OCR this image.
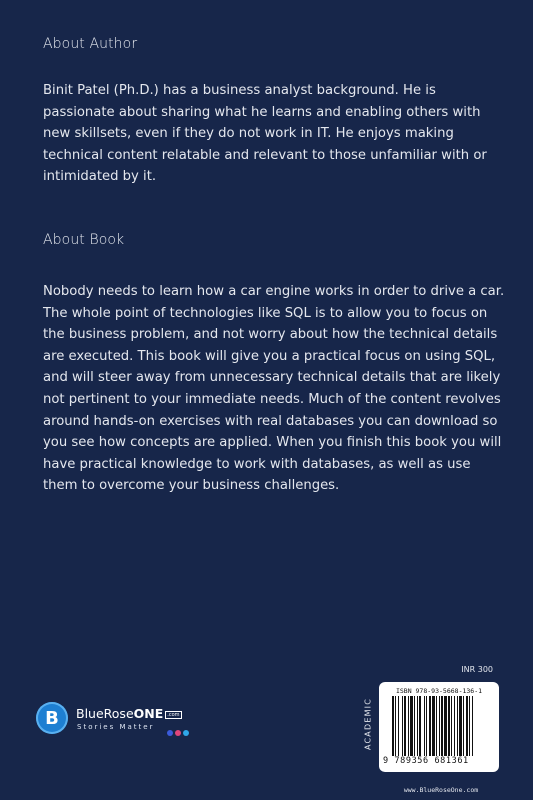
About Author
Binit Patel (Ph.D.) has a business analyst background. He is passionate about sharing what he learns and enabling others with new skillsets, even if they do not work in IT. He enjoys making technical content relatable and relevant to those unfamiliar with or intimidated by it.
About Book
Nobody needs to learn how a car engine works in order to drive a car. The whole point of technologies like SQL is to allow you to focus on the business problem, and not worry about how the technical details are executed. This book will give you a practical focus on using SQL, and will steer away from unnecessary technical details that are likely not pertinent to your immediate needs. Much of the content revolves around hands-on exercises with real databases you can download so you see how concepts are applied. When you finish this book you will have practical knowledge to work with databases, as well as use them to overcome your business challenges.
B	BlueRoseONE .com
Stories Matter
INR 300
ACADEMIC
ISBN 978-93-5668-136-1
9 789356 681361
www.BlueRoseOne.com
